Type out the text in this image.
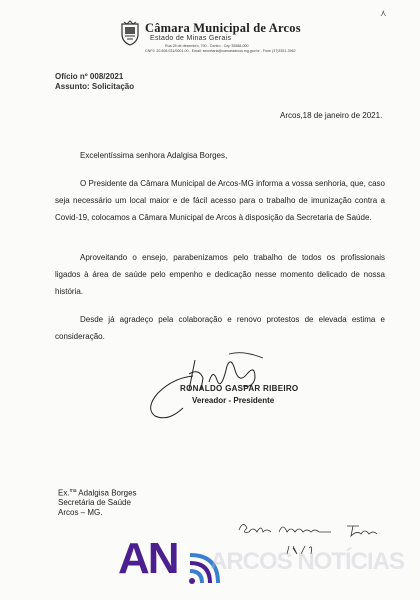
Câmara Municipal de Arcos
Estado de Minas Gerais
Rua 25 de dezembro, 790 - Centro - Cep 35588-000
CNPJ: 20.608.031/0001-00 - Email: secretaria@camaraarcos.mg.gov.br - Fone (37)3351-3962
⋏
Ofício nº 008/2021
Assunto: Solicitação
Arcos,18 de janeiro de 2021.
Excelentíssima senhora Adalgisa Borges,

O Presidente da Câmara Municipal de Arcos-MG informa a vossa senhoria, que, caso seja necessário um local maior e de fácil acesso para o trabalho de imunização contra a Covid-19, colocamos a Câmara Municipal de Arcos à disposição da Secretaria de Saúde.

Aproveitando o ensejo, parabenizamos pelo trabalho de todos os profissionais ligados à área de saúde pelo empenho e dedicação nesse momento delicado de nossa história.

Desde já agradeço pela colaboração e renovo protestos de elevada estima e consideração.

RONALDO GASPAR RIBEIRO
Vereador - Presidente
Ex.$^{ma}$ Adalgisa Borges
Secretária de Saúde
Arcos – MG.
AN ARCOS NOTÍCIAS
